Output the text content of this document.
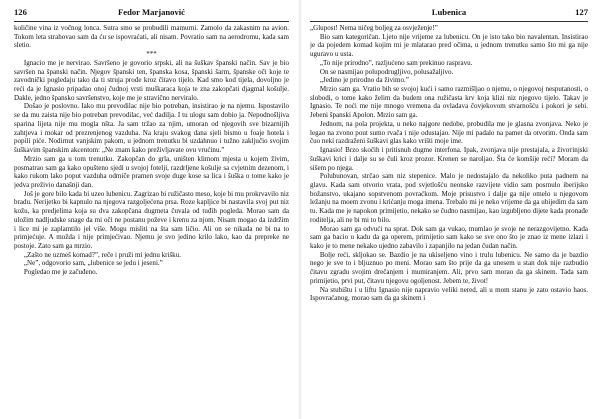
126	Fedor Marjanović

količine vina iz vočnog lonca. Sutra smo se probudili mamurni. Zamolo da zakasnim na avion. Tokom leta strahovao sam da ću se ispovraćati, ali nisam. Povratio sam na aerodromu, kada sam sletio.

***

Ignacio me je nervirao. Savršeno je govorio srpski, ali na šuškav španski način. Sav je bio savršen na španski način. Njegov španski ten, španska kosa, španski šarm, španske oči koje te zavodnički pogledaju tako da ti struja prođe kroz čitavo tijelo. Kad smo kod tijela, dovoljno je reći da je Ignasio pripadao onoj čudnoj vrsti muškaraca koja te zna zakopčati djagmal košulje. Dakle, jedno špansko savršenstvo, koje me je stravično nerviralo.

Došao je poslovno. Iako mu prevodilac nije bio potreban, insistirao je na njemu. Ispostavilo se da mu zaista nije bio potreban prevodilac, već dadilja. I tu ulogu sam dobio ja. Nepodnošljiva sparina lijeta nije mu mogla nšta. Ja sam tržao za njim, umoran od njegovih sve bizarnijih zahtjeva i mokar od prezrenjenog vazduha. Na kraju svakog dana sjeli bismo u foaje hotela i popili piće. Nodirnut vanjskim pakom, u jednom trenutku bi uzdahnuo i tužno zaključio svojim šuškavim španskim akcentom: „Ne znam kako preživljavate ovu vrućinu.”

Mrzio sam ga u tom trenutku. Zakopčan do grla, uništen klimom mjesta u kojem živim, posmatrao sam ga kako opuštenо sjedi u svojoj fotelji, razdrljene košulje sa cvjetnim dezenom, i kako rukom lako poput vazduha odmiče pramen svoje duge kose sa lica i šuška o tome kako je jedva preživio današnji dan.

Još je gore bilo kada bi uzeo lubenicu. Zagrizao bi ružičasto meso, koje bi mu prokrvavilo niz bradu. Nerijetko bi kapnulo na njegova razgoljećena prsa. Roze kapljice bi nastavila svoj put niz kožu, ka predjelima koja su dva zakopčana dugmeta čuvala od tuđih pogleda. Morao sam da uložim nadljudske snage da mi oči ne postanu poževe i krenu za njom. Nisam mogao da izdržim i lice mi je zaplamtilo jel više. Mogu misliti na šta sam ličio. Ali on se nikada ne bi na to primjećuje. A možda i nije primjećivao. Njemu je svo jedino krilo lako, kao da prepreke ne postoje. Zato sam ga mrzio.

„Zašto ne uzmeš komad?”, reče i pruži mi jednu krišku.

„Ne”, odgovorio sam, „lubenice se jedu i jeseni.”

Pogledao me je začuđeno.

Lubenica	127

„Glupost! Nema ničeg boljeg za osvježenje!”

Bio sam kategoričan. Ljeto nije vrijeme za lubenicu. On je isto tako bio navalentan. Insistirao je da pojedem komad kojim mi je mlatarao pred očima, u jednom trenutku samo što mi ga nije uguravo u usta.

„To nije prirodno”, razljućeno sam prekinuo raspravu.

On se nasmijao polupodruglјivo, polusažaljivo.

„Jedino je prirodno da živimo.”

Mrzio sam ga. Vratio bih se svojoj kući i samo razmišljao o njemu, o njegovoj nesputanosti, o slobodi, o tome kako želim da budem ona ružičasta krv koja klizi niz njegovo tijelo. Takav je Ignasio. Te noći me nije mnogo vremena da ovladava čovjekovom stvarnošću i pokori je sebi. Jebeni španski Apolon. Mrzio sam ga.

Jednom, na pola projekta, u neko najgore nedobe, probudila me je glasna zvonjava. Neko je legao na zvono pout sumo rvača i nije odustajao. Nije mi padalo na pamet da otvorim. Onda sam čuo neki razdraženi šuškavi glas kako vrišti moje ime.

Ignasio! Brzo skočih i pritisnuh dugme interfona. Ipak, zvonjava nije prestajala, a živoтinjski šuškavi krici i dalje su se čuli kroz prozor. Krenen se naroljao. Šta će komšije reći? Moram da sišem po njega.

Polubunovan, strčao sam niz stepenice. Malo je nedostajalo da nekoliko puta padnem na glavu. Kada sam otvorio vrata, pod svjetlošću neonske razvijete vidio sam posrnulo iberijsko božanstvo, ukajano sopstvenom povraćkom. Moje prisustvo i dalje ga nije omelo u njegovom ležanju na moem zvonu i krićanju moga imena. Trebalo mi je neko vrijeme da ga ubijedim da sam tu. Kada me je napokon primijetio, nekako se čudno nasmijao, kao izgubljeno dijete kada pronađe roditelja, ali ne bi mi to bilo.

Morao sam ga odvući na sprat. Dok sam ga vukao, mumlao je svoje ne nerazgovijetno. Kada sam ga bacio u kadu da ga operem, primijetio sam kako se sve ono što je znao iz mene izlazi i kako je to mene nekako ujedno zabavilo i zapanjilo na jedan čudan način.

Bolje reći, skljokao se. Bazdio je na ukiseljeno vino i trulu lubenicu. Ne samo da je bazdio nego je sve to i bljuznuo po meni. Morao sam što prije da ga unesem u stan dok nije razbudio čitavu zgradu svojim drečanjem i mumiranjem. Ali, prvo sam morao da ga skinem. Tada sam primijetio, prvi put, čitavu njegovu ogoljenost. Jebem te, život!

Na stubištu i u liftu Ignasio nije napravio veliki nered, ali u mom stanu je zato ostavio haos. Ispovraćanog, morao sam da ga skinem i
